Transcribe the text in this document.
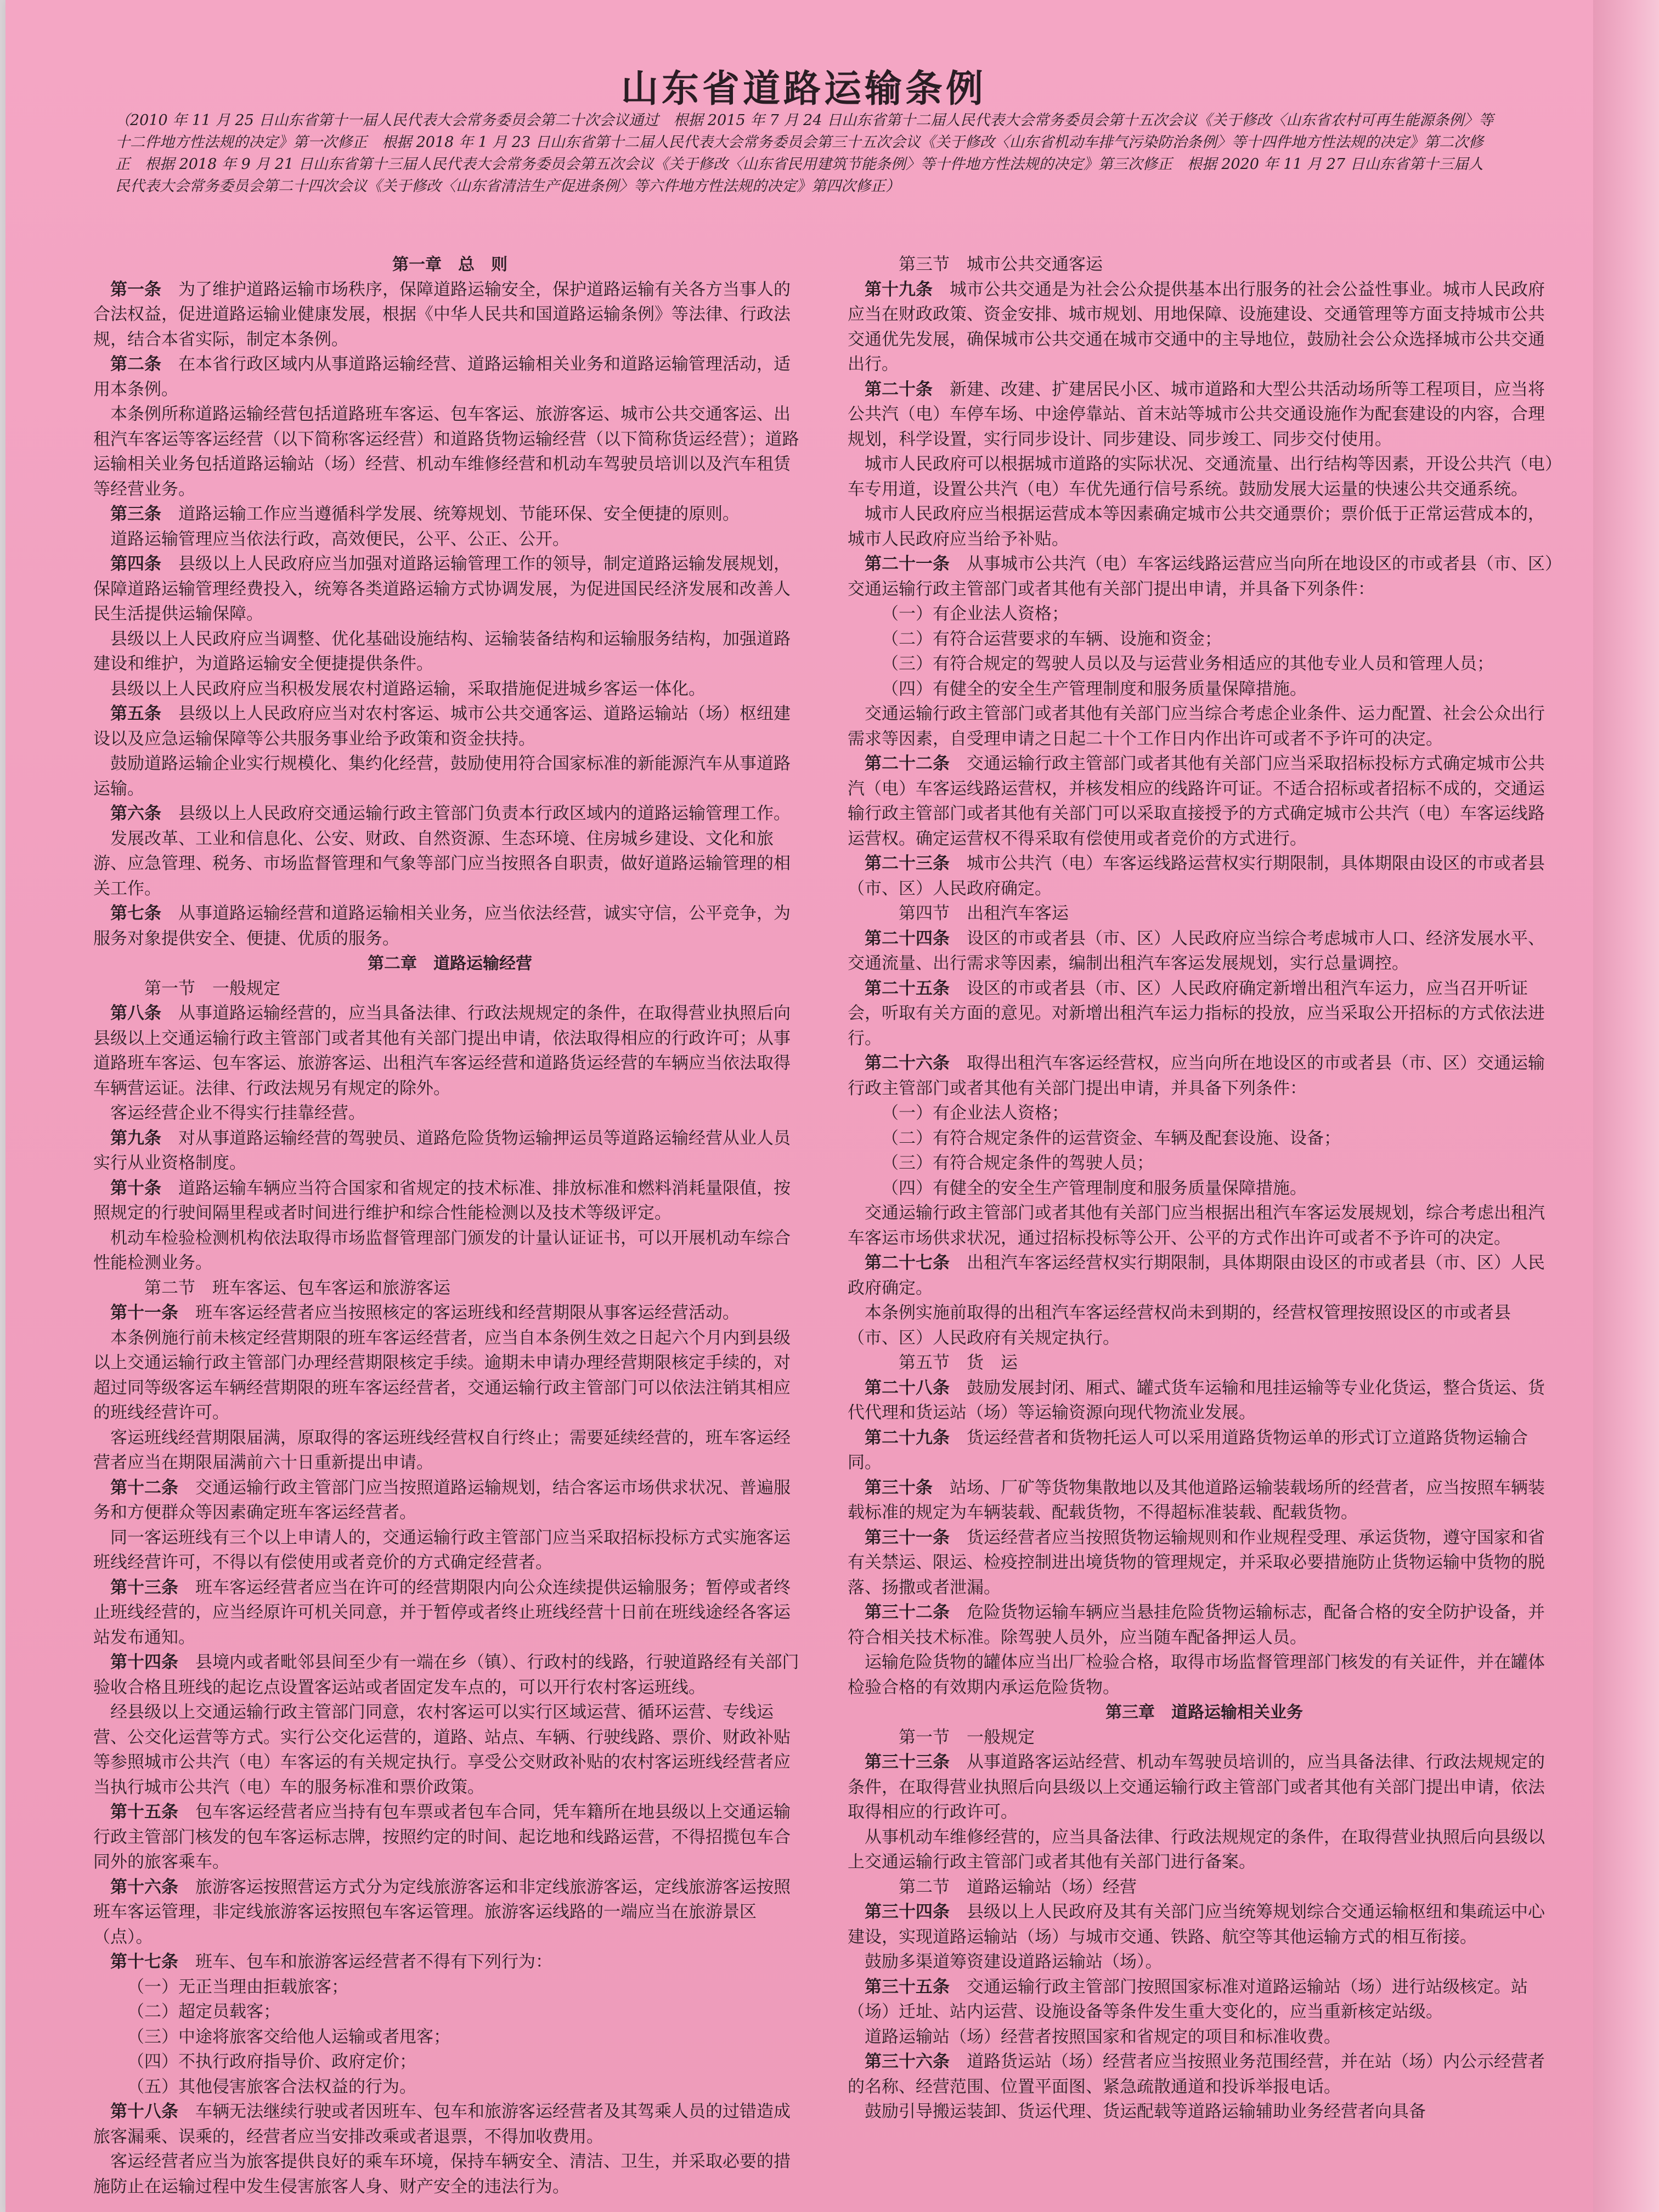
山东省道路运输条例
（2010 年 11 月 25 日山东省第十一届人民代表大会常务委员会第二十次会议通过　根据 2015 年 7 月 24 日山东省第十二届人民代表大会常务委员会第十五次会议《关于修改〈山东省农村可再生能源条例〉等十二件地方性法规的决定》第一次修正　根据 2018 年 1 月 23 日山东省第十二届人民代表大会常务委员会第三十五次会议《关于修改〈山东省机动车排气污染防治条例〉等十四件地方性法规的决定》第二次修正　根据 2018 年 9 月 21 日山东省第十三届人民代表大会常务委员会第五次会议《关于修改〈山东省民用建筑节能条例〉等十件地方性法规的决定》第三次修正　根据 2020 年 11 月 27 日山东省第十三届人民代表大会常务委员会第二十四次会议《关于修改〈山东省清洁生产促进条例〉等六件地方性法规的决定》第四次修正）

第一章　总　则

第一条　为了维护道路运输市场秩序，保障道路运输安全，保护道路运输有关各方当事人的合法权益，促进道路运输业健康发展，根据《中华人民共和国道路运输条例》等法律、行政法规，结合本省实际，制定本条例。

第二条　在本省行政区域内从事道路运输经营、道路运输相关业务和道路运输管理活动，适用本条例。

本条例所称道路运输经营包括道路班车客运、包车客运、旅游客运、城市公共交通客运、出租汽车客运等客运经营（以下简称客运经营）和道路货物运输经营（以下简称货运经营）；道路运输相关业务包括道路运输站（场）经营、机动车维修经营和机动车驾驶员培训以及汽车租赁等经营业务。

第三条　道路运输工作应当遵循科学发展、统筹规划、节能环保、安全便捷的原则。

道路运输管理应当依法行政，高效便民，公平、公正、公开。

第四条　县级以上人民政府应当加强对道路运输管理工作的领导，制定道路运输发展规划，保障道路运输管理经费投入，统筹各类道路运输方式协调发展，为促进国民经济发展和改善人民生活提供运输保障。

县级以上人民政府应当调整、优化基础设施结构、运输装备结构和运输服务结构，加强道路建设和维护，为道路运输安全便捷提供条件。

县级以上人民政府应当积极发展农村道路运输，采取措施促进城乡客运一体化。

第五条　县级以上人民政府应当对农村客运、城市公共交通客运、道路运输站（场）枢纽建设以及应急运输保障等公共服务事业给予政策和资金扶持。

鼓励道路运输企业实行规模化、集约化经营，鼓励使用符合国家标准的新能源汽车从事道路运输。

第六条　县级以上人民政府交通运输行政主管部门负责本行政区域内的道路运输管理工作。

发展改革、工业和信息化、公安、财政、自然资源、生态环境、住房城乡建设、文化和旅游、应急管理、税务、市场监督管理和气象等部门应当按照各自职责，做好道路运输管理的相关工作。

第七条　从事道路运输经营和道路运输相关业务，应当依法经营，诚实守信，公平竞争，为服务对象提供安全、便捷、优质的服务。

第二章　道路运输经营

第一节　一般规定

第八条　从事道路运输经营的，应当具备法律、行政法规规定的条件，在取得营业执照后向县级以上交通运输行政主管部门或者其他有关部门提出申请，依法取得相应的行政许可；从事道路班车客运、包车客运、旅游客运、出租汽车客运经营和道路货运经营的车辆应当依法取得车辆营运证。法律、行政法规另有规定的除外。

客运经营企业不得实行挂靠经营。

第九条　对从事道路运输经营的驾驶员、道路危险货物运输押运员等道路运输经营从业人员实行从业资格制度。

第十条　道路运输车辆应当符合国家和省规定的技术标准、排放标准和燃料消耗量限值，按照规定的行驶间隔里程或者时间进行维护和综合性能检测以及技术等级评定。

机动车检验检测机构依法取得市场监督管理部门颁发的计量认证证书，可以开展机动车综合性能检测业务。

第二节　班车客运、包车客运和旅游客运

第十一条　班车客运经营者应当按照核定的客运班线和经营期限从事客运经营活动。

本条例施行前未核定经营期限的班车客运经营者，应当自本条例生效之日起六个月内到县级以上交通运输行政主管部门办理经营期限核定手续。逾期未申请办理经营期限核定手续的，对超过同等级客运车辆经营期限的班车客运经营者，交通运输行政主管部门可以依法注销其相应的班线经营许可。

客运班线经营期限届满，原取得的客运班线经营权自行终止；需要延续经营的，班车客运经营者应当在期限届满前六十日重新提出申请。

第十二条　交通运输行政主管部门应当按照道路运输规划，结合客运市场供求状况、普遍服务和方便群众等因素确定班车客运经营者。

同一客运班线有三个以上申请人的，交通运输行政主管部门应当采取招标投标方式实施客运班线经营许可，不得以有偿使用或者竞价的方式确定经营者。

第十三条　班车客运经营者应当在许可的经营期限内向公众连续提供运输服务；暂停或者终止班线经营的，应当经原许可机关同意，并于暂停或者终止班线经营十日前在班线途经各客运站发布通知。

第十四条　县境内或者毗邻县间至少有一端在乡（镇）、行政村的线路，行驶道路经有关部门验收合格且班线的起讫点设置客运站或者固定发车点的，可以开行农村客运班线。

经县级以上交通运输行政主管部门同意，农村客运可以实行区域运营、循环运营、专线运营、公交化运营等方式。实行公交化运营的，道路、站点、车辆、行驶线路、票价、财政补贴等参照城市公共汽（电）车客运的有关规定执行。享受公交财政补贴的农村客运班线经营者应当执行城市公共汽（电）车的服务标准和票价政策。

第十五条　包车客运经营者应当持有包车票或者包车合同，凭车籍所在地县级以上交通运输行政主管部门核发的包车客运标志牌，按照约定的时间、起讫地和线路运营，不得招揽包车合同外的旅客乘车。

第十六条　旅游客运按照营运方式分为定线旅游客运和非定线旅游客运，定线旅游客运按照班车客运管理，非定线旅游客运按照包车客运管理。旅游客运线路的一端应当在旅游景区（点）。

第十七条　班车、包车和旅游客运经营者不得有下列行为：

（一）无正当理由拒载旅客；

（二）超定员载客；

（三）中途将旅客交给他人运输或者甩客；

（四）不执行政府指导价、政府定价；

（五）其他侵害旅客合法权益的行为。

第十八条　车辆无法继续行驶或者因班车、包车和旅游客运经营者及其驾乘人员的过错造成旅客漏乘、误乘的，经营者应当安排改乘或者退票，不得加收费用。

客运经营者应当为旅客提供良好的乘车环境，保持车辆安全、清洁、卫生，并采取必要的措施防止在运输过程中发生侵害旅客人身、财产安全的违法行为。

第三节　城市公共交通客运

第十九条　城市公共交通是为社会公众提供基本出行服务的社会公益性事业。城市人民政府应当在财政政策、资金安排、城市规划、用地保障、设施建设、交通管理等方面支持城市公共交通优先发展，确保城市公共交通在城市交通中的主导地位，鼓励社会公众选择城市公共交通出行。

第二十条　新建、改建、扩建居民小区、城市道路和大型公共活动场所等工程项目，应当将公共汽（电）车停车场、中途停靠站、首末站等城市公共交通设施作为配套建设的内容，合理规划，科学设置，实行同步设计、同步建设、同步竣工、同步交付使用。

城市人民政府可以根据城市道路的实际状况、交通流量、出行结构等因素，开设公共汽（电）车专用道，设置公共汽（电）车优先通行信号系统。鼓励发展大运量的快速公共交通系统。

城市人民政府应当根据运营成本等因素确定城市公共交通票价；票价低于正常运营成本的，城市人民政府应当给予补贴。

第二十一条　从事城市公共汽（电）车客运线路运营应当向所在地设区的市或者县（市、区）交通运输行政主管部门或者其他有关部门提出申请，并具备下列条件：

（一）有企业法人资格；

（二）有符合运营要求的车辆、设施和资金；

（三）有符合规定的驾驶人员以及与运营业务相适应的其他专业人员和管理人员；

（四）有健全的安全生产管理制度和服务质量保障措施。

交通运输行政主管部门或者其他有关部门应当综合考虑企业条件、运力配置、社会公众出行需求等因素，自受理申请之日起二十个工作日内作出许可或者不予许可的决定。

第二十二条　交通运输行政主管部门或者其他有关部门应当采取招标投标方式确定城市公共汽（电）车客运线路运营权，并核发相应的线路许可证。不适合招标或者招标不成的，交通运输行政主管部门或者其他有关部门可以采取直接授予的方式确定城市公共汽（电）车客运线路运营权。确定运营权不得采取有偿使用或者竞价的方式进行。

第二十三条　城市公共汽（电）车客运线路运营权实行期限制，具体期限由设区的市或者县（市、区）人民政府确定。

第四节　出租汽车客运

第二十四条　设区的市或者县（市、区）人民政府应当综合考虑城市人口、经济发展水平、交通流量、出行需求等因素，编制出租汽车客运发展规划，实行总量调控。

第二十五条　设区的市或者县（市、区）人民政府确定新增出租汽车运力，应当召开听证会，听取有关方面的意见。对新增出租汽车运力指标的投放，应当采取公开招标的方式依法进行。

第二十六条　取得出租汽车客运经营权，应当向所在地设区的市或者县（市、区）交通运输行政主管部门或者其他有关部门提出申请，并具备下列条件：

（一）有企业法人资格；

（二）有符合规定条件的运营资金、车辆及配套设施、设备；

（三）有符合规定条件的驾驶人员；

（四）有健全的安全生产管理制度和服务质量保障措施。

交通运输行政主管部门或者其他有关部门应当根据出租汽车客运发展规划，综合考虑出租汽车客运市场供求状况，通过招标投标等公开、公平的方式作出许可或者不予许可的决定。

第二十七条　出租汽车客运经营权实行期限制，具体期限由设区的市或者县（市、区）人民政府确定。

本条例实施前取得的出租汽车客运经营权尚未到期的，经营权管理按照设区的市或者县（市、区）人民政府有关规定执行。

第五节　货　运

第二十八条　鼓励发展封闭、厢式、罐式货车运输和甩挂运输等专业化货运，整合货运、货代代理和货运站（场）等运输资源向现代物流业发展。

第二十九条　货运经营者和货物托运人可以采用道路货物运单的形式订立道路货物运输合同。

第三十条　站场、厂矿等货物集散地以及其他道路运输装载场所的经营者，应当按照车辆装载标准的规定为车辆装载、配载货物，不得超标准装载、配载货物。

第三十一条　货运经营者应当按照货物运输规则和作业规程受理、承运货物，遵守国家和省有关禁运、限运、检疫控制进出境货物的管理规定，并采取必要措施防止货物运输中货物的脱落、扬撒或者泄漏。

第三十二条　危险货物运输车辆应当悬挂危险货物运输标志，配备合格的安全防护设备，并符合相关技术标准。除驾驶人员外，应当随车配备押运人员。

运输危险货物的罐体应当出厂检验合格，取得市场监督管理部门核发的有关证件，并在罐体检验合格的有效期内承运危险货物。

第三章　道路运输相关业务

第一节　一般规定

第三十三条　从事道路客运站经营、机动车驾驶员培训的，应当具备法律、行政法规规定的条件，在取得营业执照后向县级以上交通运输行政主管部门或者其他有关部门提出申请，依法取得相应的行政许可。

从事机动车维修经营的，应当具备法律、行政法规规定的条件，在取得营业执照后向县级以上交通运输行政主管部门或者其他有关部门进行备案。

第二节　道路运输站（场）经营

第三十四条　县级以上人民政府及其有关部门应当统筹规划综合交通运输枢纽和集疏运中心建设，实现道路运输站（场）与城市交通、铁路、航空等其他运输方式的相互衔接。

鼓励多渠道筹资建设道路运输站（场）。

第三十五条　交通运输行政主管部门按照国家标准对道路运输站（场）进行站级核定。站（场）迁址、站内运营、设施设备等条件发生重大变化的，应当重新核定站级。

道路运输站（场）经营者按照国家和省规定的项目和标准收费。

第三十六条　道路货运站（场）经营者应当按照业务范围经营，并在站（场）内公示经营者的名称、经营范围、位置平面图、紧急疏散通道和投诉举报电话。

鼓励引导搬运装卸、货运代理、货运配载等道路运输辅助业务经营者向具备
